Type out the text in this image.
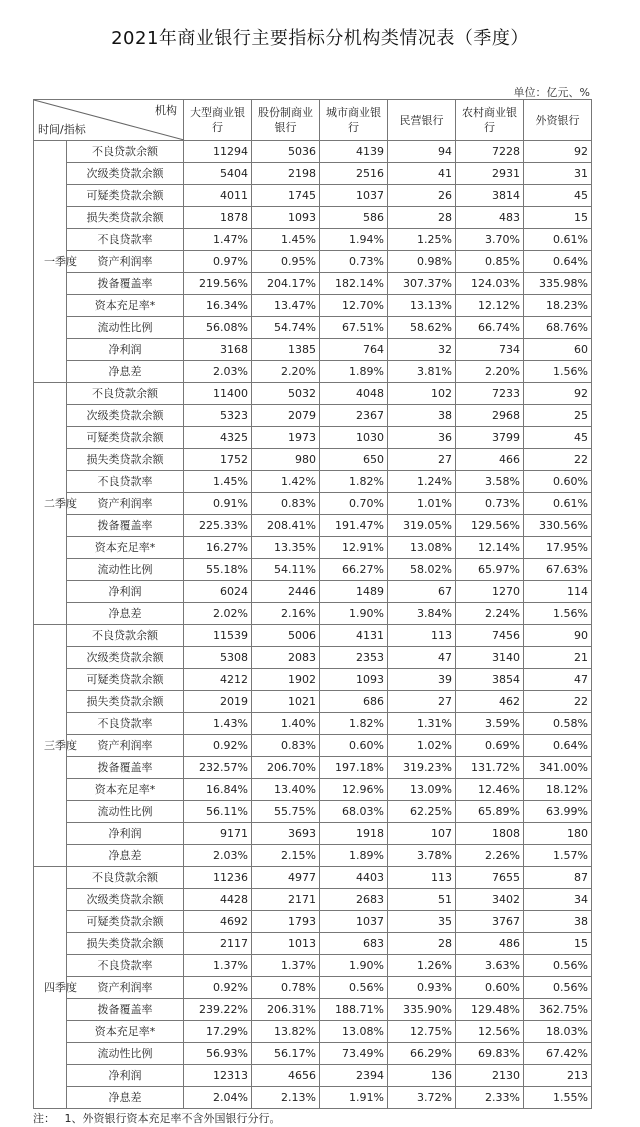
2021年商业银行主要指标分机构类情况表（季度）
单位：亿元、%
机构
时间/指标		大型商业银行	股份制商业银行	城市商业银行	民营银行	农村商业银行	外资银行
一季度	不良贷款余额	11294	5036	4139	94	7228	92
	次级类贷款余额	5404	2198	2516	41	2931	31
	可疑类贷款余额	4011	1745	1037	26	3814	45
	损失类贷款余额	1878	1093	586	28	483	15
	不良贷款率	1.47%	1.45%	1.94%	1.25%	3.70%	0.61%
	资产利润率	0.97%	0.95%	0.73%	0.98%	0.85%	0.64%
	拨备覆盖率	219.56%	204.17%	182.14%	307.37%	124.03%	335.98%
	资本充足率*	16.34%	13.47%	12.70%	13.13%	12.12%	18.23%
	流动性比例	56.08%	54.74%	67.51%	58.62%	66.74%	68.76%
	净利润	3168	1385	764	32	734	60
	净息差	2.03%	2.20%	1.89%	3.81%	2.20%	1.56%
二季度	不良贷款余额	11400	5032	4048	102	7233	92
	次级类贷款余额	5323	2079	2367	38	2968	25
	可疑类贷款余额	4325	1973	1030	36	3799	45
	损失类贷款余额	1752	980	650	27	466	22
	不良贷款率	1.45%	1.42%	1.82%	1.24%	3.58%	0.60%
	资产利润率	0.91%	0.83%	0.70%	1.01%	0.73%	0.61%
	拨备覆盖率	225.33%	208.41%	191.47%	319.05%	129.56%	330.56%
	资本充足率*	16.27%	13.35%	12.91%	13.08%	12.14%	17.95%
	流动性比例	55.18%	54.11%	66.27%	58.02%	65.97%	67.63%
	净利润	6024	2446	1489	67	1270	114
	净息差	2.02%	2.16%	1.90%	3.84%	2.24%	1.56%
三季度	不良贷款余额	11539	5006	4131	113	7456	90
	次级类贷款余额	5308	2083	2353	47	3140	21
	可疑类贷款余额	4212	1902	1093	39	3854	47
	损失类贷款余额	2019	1021	686	27	462	22
	不良贷款率	1.43%	1.40%	1.82%	1.31%	3.59%	0.58%
	资产利润率	0.92%	0.83%	0.60%	1.02%	0.69%	0.64%
	拨备覆盖率	232.57%	206.70%	197.18%	319.23%	131.72%	341.00%
	资本充足率*	16.84%	13.40%	12.96%	13.09%	12.46%	18.12%
	流动性比例	56.11%	55.75%	68.03%	62.25%	65.89%	63.99%
	净利润	9171	3693	1918	107	1808	180
	净息差	2.03%	2.15%	1.89%	3.78%	2.26%	1.57%
四季度	不良贷款余额	11236	4977	4403	113	7655	87
	次级类贷款余额	4428	2171	2683	51	3402	34
	可疑类贷款余额	4692	1793	1037	35	3767	38
	损失类贷款余额	2117	1013	683	28	486	15
	不良贷款率	1.37%	1.37%	1.90%	1.26%	3.63%	0.56%
	资产利润率	0.92%	0.78%	0.56%	0.93%	0.60%	0.56%
	拨备覆盖率	239.22%	206.31%	188.71%	335.90%	129.48%	362.75%
	资本充足率*	17.29%	13.82%	13.08%	12.75%	12.56%	18.03%
	流动性比例	56.93%	56.17%	73.49%	66.29%	69.83%	67.42%
	净利润	12313	4656	2394	136	2130	213
	净息差	2.04%	2.13%	1.91%	3.72%	2.33%	1.55%
注： 1、外资银行资本充足率不含外国银行分行。
